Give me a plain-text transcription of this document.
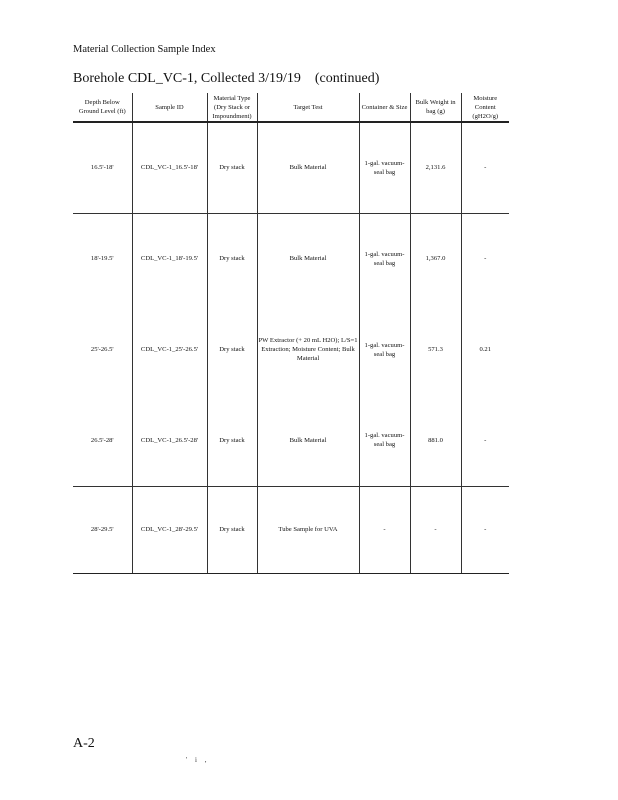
Material Collection Sample Index
Borehole CDL_VC-1, Collected 3/19/19 (continued)
Depth Below Ground Level (ft)	Sample ID	Material Type (Dry Stack or Impoundment)	Target Test	Container & Size	Bulk Weight in bag (g)	Moisture Content (gH2O/g)
16.5'-18'	CDL_VC-1_16.5'-18'	Dry stack	Bulk Material	1-gal. vacuum-seal bag	2,131.6	-
18'-19.5'	CDL_VC-1_18'-19.5'	Dry stack	Bulk Material	1-gal. vacuum-seal bag	1,367.0	-
25'-26.5'	CDL_VC-1_25'-26.5'	Dry stack	PW Extractor (+ 20 mL H2O); L/S=1 Extraction; Moisture Content; Bulk Material	1-gal. vacuum-seal bag	571.3	0.21
26.5'-28'	CDL_VC-1_26.5'-28'	Dry stack	Bulk Material	1-gal. vacuum-seal bag	881.0	-
28'-29.5'	CDL_VC-1_28'-29.5'	Dry stack	Tube Sample for UVA	-	-	-
A-2
' i ,
